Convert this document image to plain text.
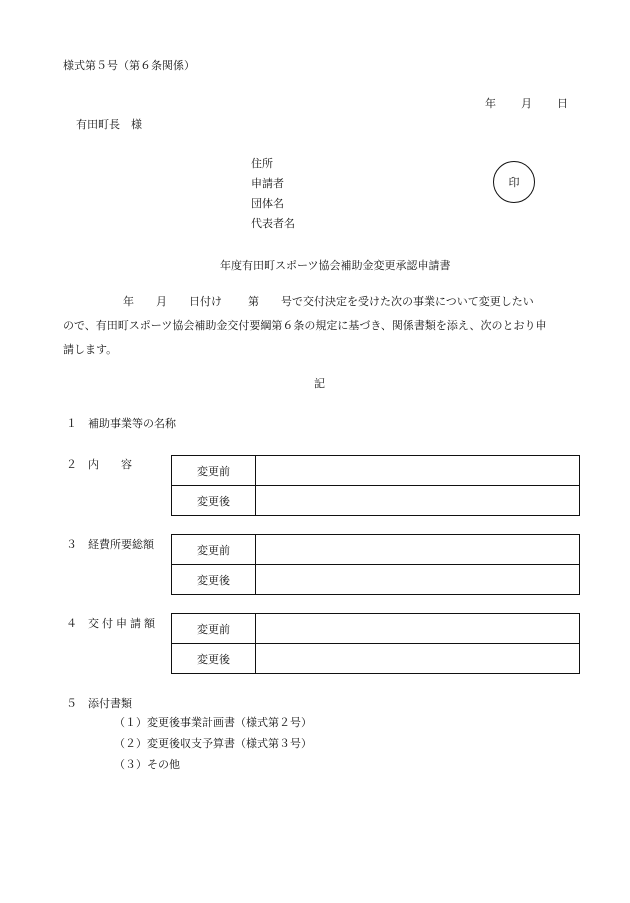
様式第５号（第６条関係）
年 月 日
有田町長　様
住所
申請者
団体名
代表者名
印
年度有田町スポーツ協会補助金変更承認申請書
年 月 日付け 第 号で交付決定を受けた次の事業について変更したい
ので、有田町スポーツ協会補助金交付要綱第６条の規定に基づき、関係書類を添え、次のとおり申
請します。
記
１　補助事業等の名称
２ 内　　容	変更前	
変更後	
３ 経費所要総額	変更前	
変更後	
４ 交付申請額	変更前	
変更後	
５　添付書類
（１）変更後事業計画書（様式第２号）
（２）変更後収支予算書（様式第３号）
（３）その他
